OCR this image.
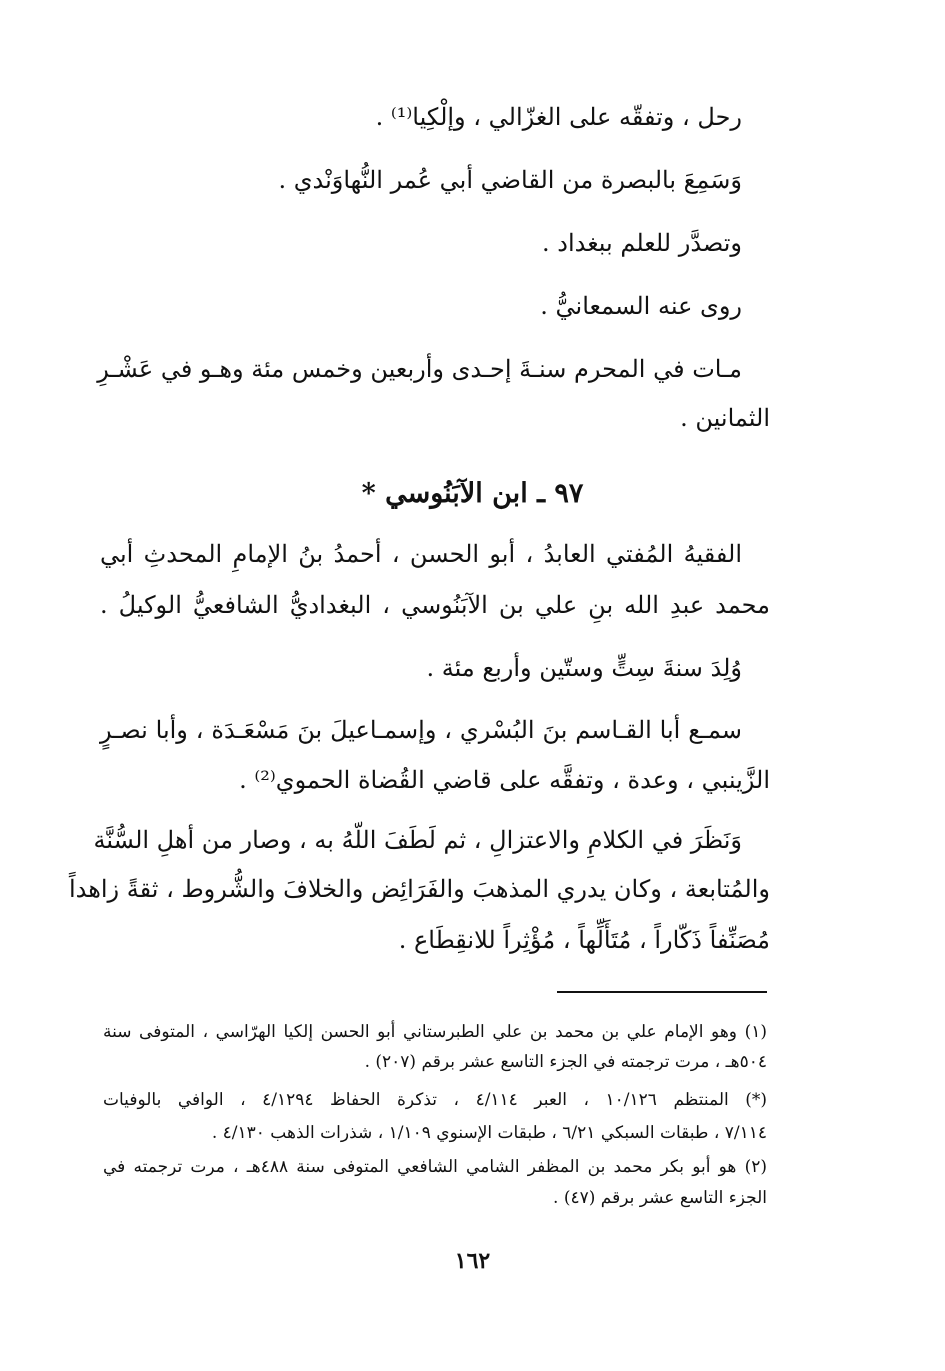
رحل ، وتفقّه على الغزّالي ، وإلْكِيا⁽¹⁾ .
وَسَمِعَ بالبصرة من القاضي أبي عُمر النُّهاوَنْدي .
وتصدَّر للعلم ببغداد .
روى عنه السمعانيُّ .
مـات في المحرم سنـةَ إحـدى وأربعين وخمس مئة وهـو في عَشْـرِ
الثمانين .
٩٧ ـ ابن الآبَنُوسي *
الفقيهُ المُفتي العابدُ ، أبو الحسن ، أحمدُ بنُ الإمامِ المحدثِ أبي
محمد عبدِ الله بنِ علي بن الآبَنُوسي ، البغداديُّ الشافعيُّ الوكيلُ .
وُلِدَ سنةَ سِتٍّ وستّين وأربع مئة .
سمـع أبا القـاسم بنَ البُسْري ، وإسمـاعيلَ بنَ مَسْعَـدَة ، وأبا نصـرٍ
الزَّينبي ، وعدة ، وتفقَّه على قاضي القُضاة الحموي⁽²⁾ .
وَنَظَرَ في الكلامِ والاعتزالِ ، ثم لَطَفَ اللّهُ به ، وصار من أهلِ السُّنَّة
والمُتابعة ، وكان يدري المذهبَ والفَرَائِض والخلافَ والشُّروط ، ثقةً زاهداً
مُصَنِّفاً ذَكّاراً ، مُتَأَلِّهاً ، مُؤْثِراً للانقِطَاع .
(١) وهو الإمام علي بن محمد بن علي الطبرستاني أبو الحسن إلكيا الهرّاسي ، المتوفى سنة
٥٠٤هـ ، مرت ترجمته في الجزء التاسع عشر برقم (٢٠٧) .
(*) المنتظم ١٠/١٢٦ ، العبر ٤/١١٤ ، تذكرة الحفاظ ٤/١٢٩٤ ، الوافي بالوفيات
٧/١١٤ ، طبقات السبكي ٦/٢١ ، طبقات الإسنوي ١/١٠٩ ، شذرات الذهب ٤/١٣٠ .
(٢) هو أبو بكر محمد بن المظفر الشامي الشافعي المتوفى سنة ٤٨٨هـ ، مرت ترجمته في
الجزء التاسع عشر برقم (٤٧) .
١٦٢
